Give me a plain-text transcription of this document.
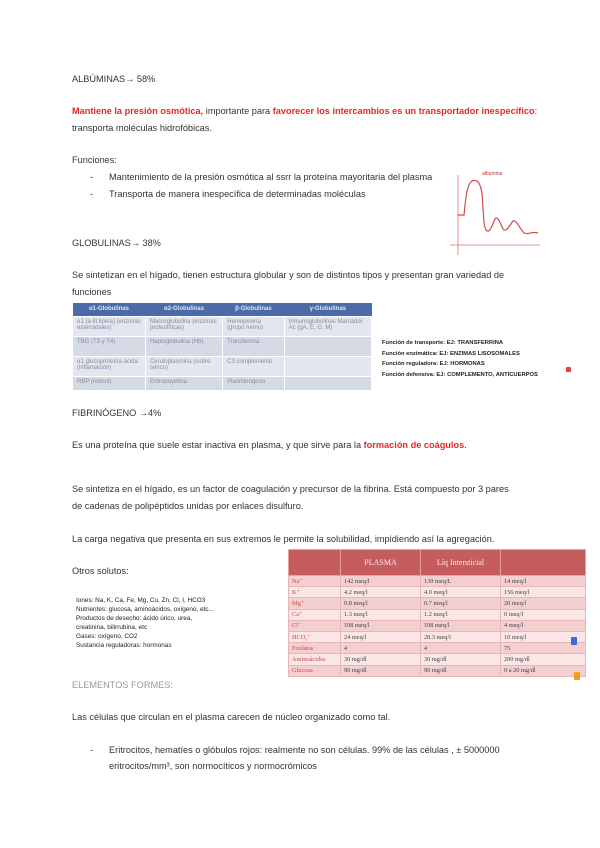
ALBÚMINAS→ 58%
Mantiene la presión osmótica, importante para favorecer los intercambios es un transportador inespecífico:
transporta moléculas hidrofóbicas.
Funciones:
- Mantenimiento de la presión osmótica al ssrr la proteína mayoritaria del plasma
- Transporta de manera inespecífica de determinadas moléculas
albumina
GLOBULINAS→ 38%
Se sintetizan en el hígado, tienen estructura globular y son de distintos tipos y presentan gran variedad de
funciones
α1-Globulinas	α2-Globulinas	β-Globulinas	γ-Globulinas
α1 (a-lit lipina) (enzimas esteroidales)	Macroglobulina (enzimas proteolíticas)	Hemopexina (grupo hemo)	Inmunoglobulinas Marcador Ac (gA, E, G, M)
TBG (T3 y T4)	Haptoglobulina (Hb)	Transferrina	
α1 glucoproteína ácida (inflamación)	Ceruloplasmina (cobre sérico)	C3 complemento	
RBP (retinol)	Eritropoyetina	Plasminógeno	
Función de transporte: EJ: TRANSFERRINA
Función enzimática: EJ: ENZIMAS LISOSOMALES
Función reguladora: EJ: HORMONAS
Función defensiva: EJ: COMPLEMENTO, ANTICUERPOS
FIBRINÓGENO →4%
Es una proteína que suele estar inactiva en plasma, y que sirve para la formación de coágulos.
Se sintetiza en el hígado, es un factor de coagulación y precursor de la fibrina. Está compuesto por 3 pares
de cadenas de polipéptidos unidas por enlaces disulfuro.
La carga negativa que presenta en sus extremos le permite la solubilidad, impidiendo así la agregación.
Otros solutos:
Iones: Na, K, Ca, Fe, Mg, Cu, Zn, Cl, I, HCO3
Nutrientes: glucosa, aminoácidos, oxígeno, etc...
Productos de desecho: ácido úrico, urea,
creatinina, bilirrubina, etc
Gases: oxígeno, CO2
Sustancia reguladoras: hormonas
	PLASMA	Líq Intersticial	
Na⁺	142 meq/l	139 meq/L	14 meq/l
K⁺	4.2 meq/l	4.0 meq/l	156 meq/l
Mg⁺	0.8 meq/l	0.7 meq/l	20 meq/l
Ca⁺	1.3 meq/l	1.2 meq/l	0 meq/l
Cl⁻	108 meq/l	108 meq/l	4 meq/l
HCO₃⁻	24 meq/l	28.3 meq/l	10 meq/l
Fosfatos	4	4	75
Aminoácidos	30 mg/dl	30 mg/dl	200 mg/dl
Glucosa	90 mg/dl	90 mg/dl	0 a 20 mg/dl
ELEMENTOS FORMES:
Las células que circulan en el plasma carecen de núcleo organizado como tal.
- Eritrocitos, hematíes o glóbulos rojos: realmente no son células. 99% de las células , ± 5000000
eritrocitos/mm³, son normocíticos y normocrómicos
